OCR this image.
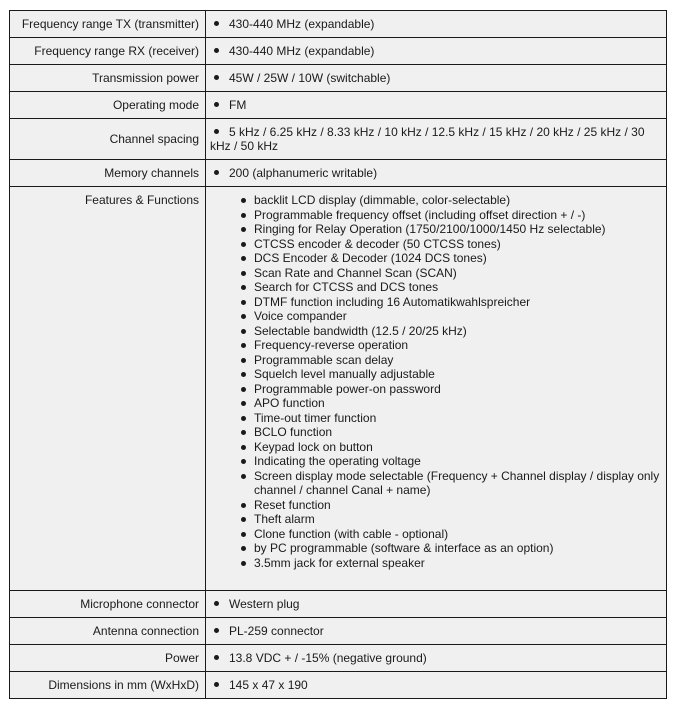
Frequency range TX (transmitter)	430-440 MHz (expandable)
Frequency range RX (receiver)	430-440 MHz (expandable)
Transmission power	45W / 25W / 10W (switchable)
Operating mode	FM
Channel spacing	5 kHz / 6.25 kHz / 8.33 kHz / 10 kHz / 12.5 kHz / 15 kHz / 20 kHz / 25 kHz / 30 kHz / 50 kHz

Memory channels	200 (alphanumeric writable)
Features & Functions	backlit LCD display (dimmable, color-selectable)
Programmable frequency offset (including offset direction + / -)
Ringing for Relay Operation (1750/2100/1000/1450 Hz selectable)
CTCSS encoder & decoder (50 CTCSS tones)
DCS Encoder & Decoder (1024 DCS tones)
Scan Rate and Channel Scan (SCAN)
Search for CTCSS and DCS tones
DTMF function including 16 Automatikwahlspreicher
Voice compander
Selectable bandwidth (12.5 / 20/25 kHz)
Frequency-reverse operation
Programmable scan delay
Squelch level manually adjustable
Programmable power-on password
APO function
Time-out timer function
BCLO function
Keypad lock on button
Indicating the operating voltage
Screen display mode selectable (Frequency + Channel display / display only channel / channel Canal + name)
Reset function
Theft alarm
Clone function (with cable - optional)
by PC programmable (software & interface as an option)
3.5mm jack for external speaker

Microphone connector	Western plug
Antenna connection	PL-259 connector
Power	13.8 VDC + / -15% (negative ground)
Dimensions in mm (WxHxD)	145 x 47 x 190
